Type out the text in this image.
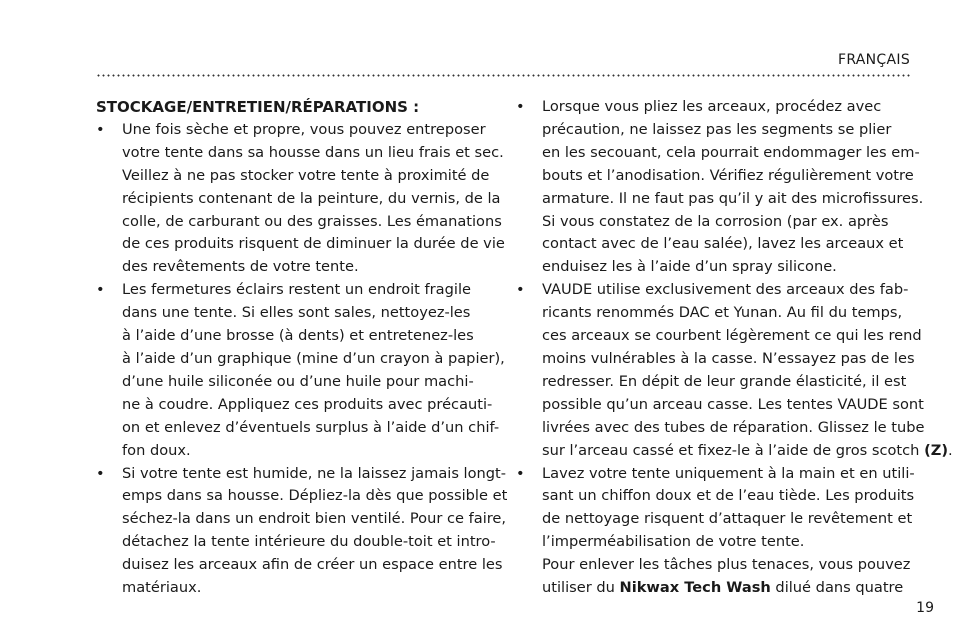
FRANÇAIS
STOCKAGE/ENTRETIEN/RÉPARATIONS :
• Une fois sèche et propre, vous pouvez entreposer
votre tente dans sa housse dans un lieu frais et sec.
Veillez à ne pas stocker votre tente à proximité de
récipients contenant de la peinture, du vernis, de la
colle, de carburant ou des graisses. Les émanations
de ces produits risquent de diminuer la durée de vie
des revêtements de votre tente.
• Les fermetures éclairs restent un endroit fragile
dans une tente. Si elles sont sales, nettoyez-les
à l’aide d’une brosse (à dents) et entretenez-les
à l’aide d’un graphique (mine d’un crayon à papier),
d’une huile siliconée ou d’une huile pour machi-
ne à coudre. Appliquez ces produits avec précauti-
on et enlevez d’éventuels surplus à l’aide d’un chif-
fon doux.
• Si votre tente est humide, ne la laissez jamais longt-
emps dans sa housse. Dépliez-la dès que possible et
séchez-la dans un endroit bien ventilé. Pour ce faire,
détachez la tente intérieure du double-toit et intro-
duisez les arceaux afin de créer un espace entre les
matériaux.
• Lorsque vous pliez les arceaux, procédez avec
précaution, ne laissez pas les segments se plier
en les secouant, cela pourrait endommager les em-
bouts et l’anodisation. Vérifiez régulièrement votre
armature. Il ne faut pas qu’il y ait des microfissures.
Si vous constatez de la corrosion (par ex. après
contact avec de l’eau salée), lavez les arceaux et
enduisez les à l’aide d’un spray silicone.
• VAUDE utilise exclusivement des arceaux des fab-
ricants renommés DAC et Yunan. Au fil du temps,
ces arceaux se courbent légèrement ce qui les rend
moins vulnérables à la casse. N’essayez pas de les
redresser. En dépit de leur grande élasticité, il est
possible qu’un arceau casse. Les tentes VAUDE sont
livrées avec des tubes de réparation. Glissez le tube
sur l’arceau cassé et fixez-le à l’aide de gros scotch (Z).
• Lavez votre tente uniquement à la main et en utili-
sant un chiffon doux et de l’eau tiède. Les produits
de nettoyage risquent d’attaquer le revêtement et
l’imperméabilisation de votre tente.
Pour enlever les tâches plus tenaces, vous pouvez
utiliser du Nikwax Tech Wash dilué dans quatre
19
